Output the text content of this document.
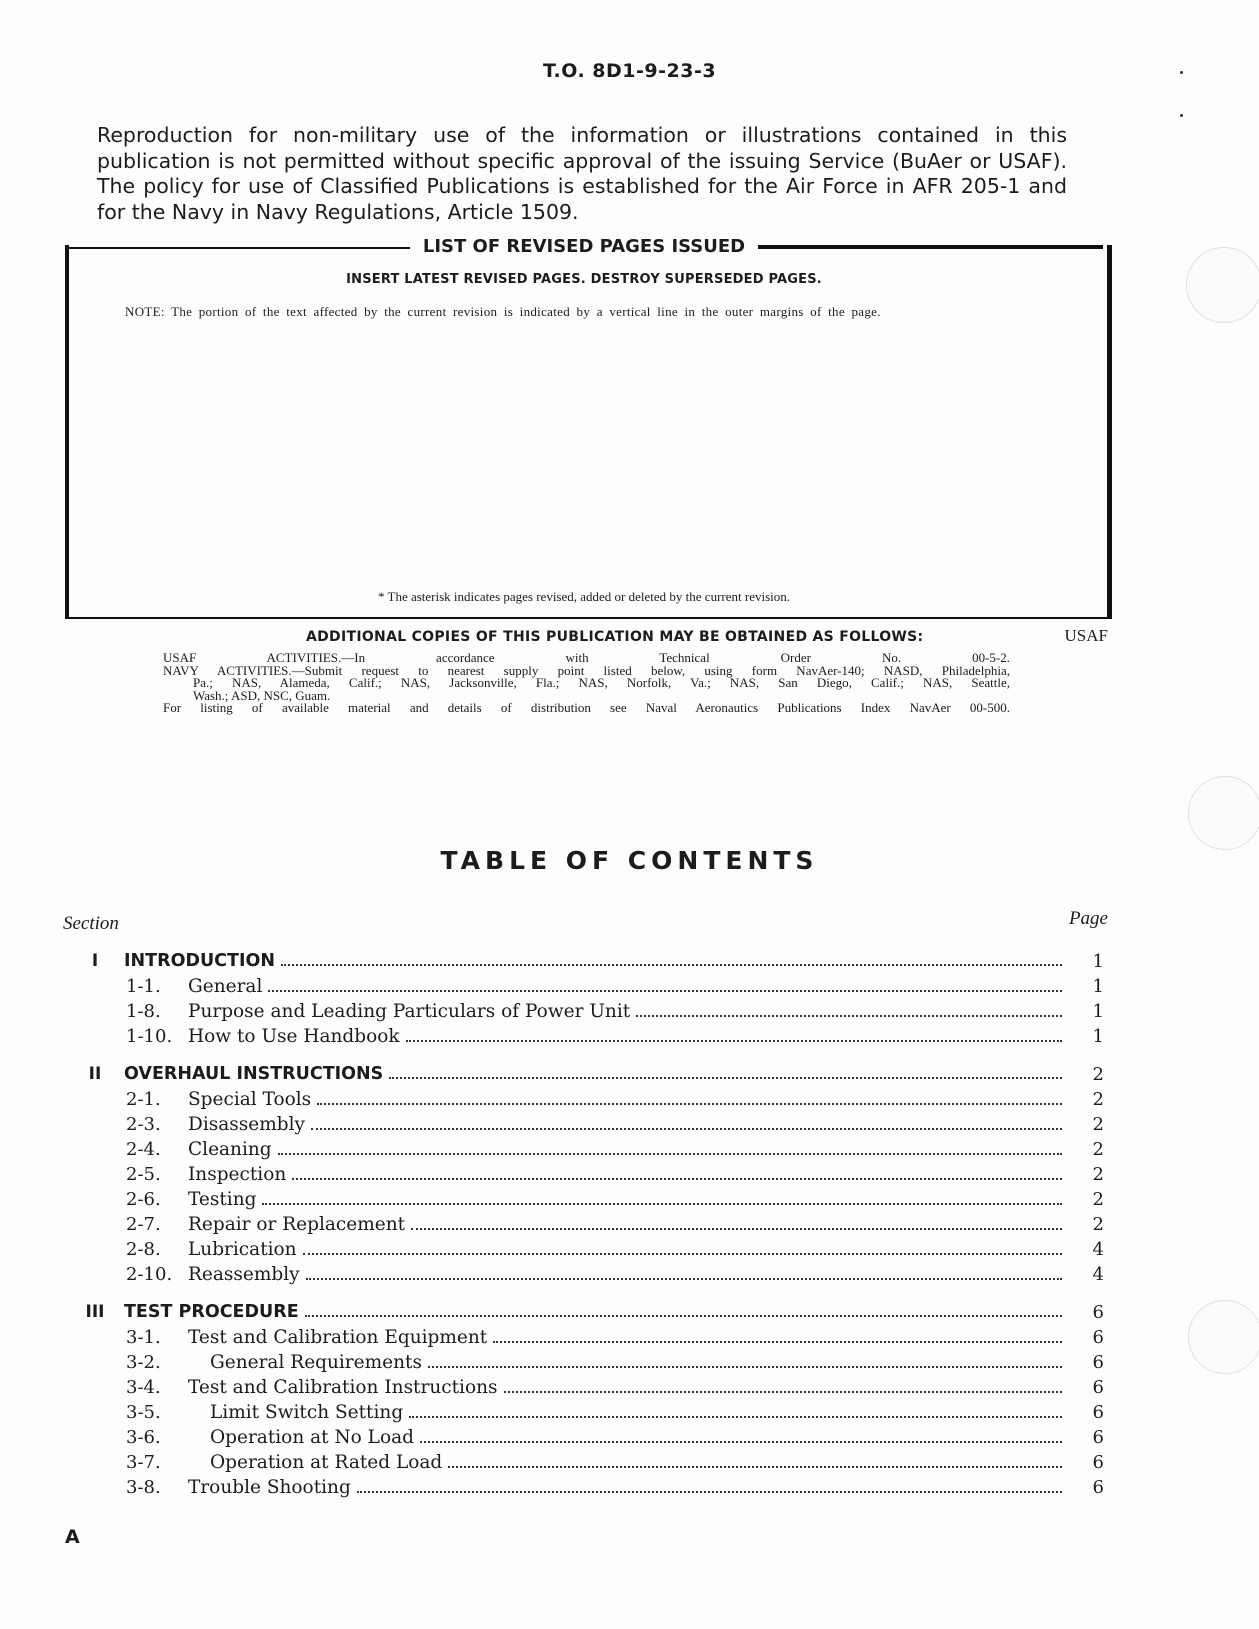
T.O. 8D1-9-23-3
Reproduction for non-military use of the information or illustrations contained in this publication is not permitted without specific approval of the issuing Service (BuAer or USAF). The policy for use of Classified Publications is established for the Air Force in AFR 205-1 and for the Navy in Navy Regulations, Article 1509.
LIST OF REVISED PAGES ISSUED
INSERT LATEST REVISED PAGES. DESTROY SUPERSEDED PAGES.
NOTE: The portion of the text affected by the current revision is indicated by a vertical line in the outer margins of the page.
* The asterisk indicates pages revised, added or deleted by the current revision.
ADDITIONAL COPIES OF THIS PUBLICATION MAY BE OBTAINED AS FOLLOWS:	USAF
USAF ACTIVITIES.—In accordance with Technical Order No. 00-5-2.
NAVY ACTIVITIES.—Submit request to nearest supply point listed below, using form NavAer-140; NASD, Philadelphia,
Pa.; NAS, Alameda, Calif.; NAS, Jacksonville, Fla.; NAS, Norfolk, Va.; NAS, San Diego, Calif.; NAS, Seattle,
Wash.; ASD, NSC, Guam.
For listing of available material and details of distribution see Naval Aeronautics Publications Index NavAer 00-500.
TABLE OF CONTENTS
Section	Page
I	INTRODUCTION	1
1-1. General	1
1-8. Purpose and Leading Particulars of Power Unit	1
1-10. How to Use Handbook	1
II OVERHAUL INSTRUCTIONS	2
2-1. Special Tools	2
2-3. Disassembly	2
2-4. Cleaning	2
2-5. Inspection	2
2-6. Testing	2
2-7. Repair or Replacement	2
2-8. Lubrication	4
2-10. Reassembly	4
III TEST PROCEDURE	6
3-1. Test and Calibration Equipment	6
3-2.	General Requirements	6
3-4. Test and Calibration Instructions	6
3-5.	Limit Switch Setting	6
3-6.	Operation at No Load	6
3-7.	Operation at Rated Load	6
3-8. Trouble Shooting	6
A
